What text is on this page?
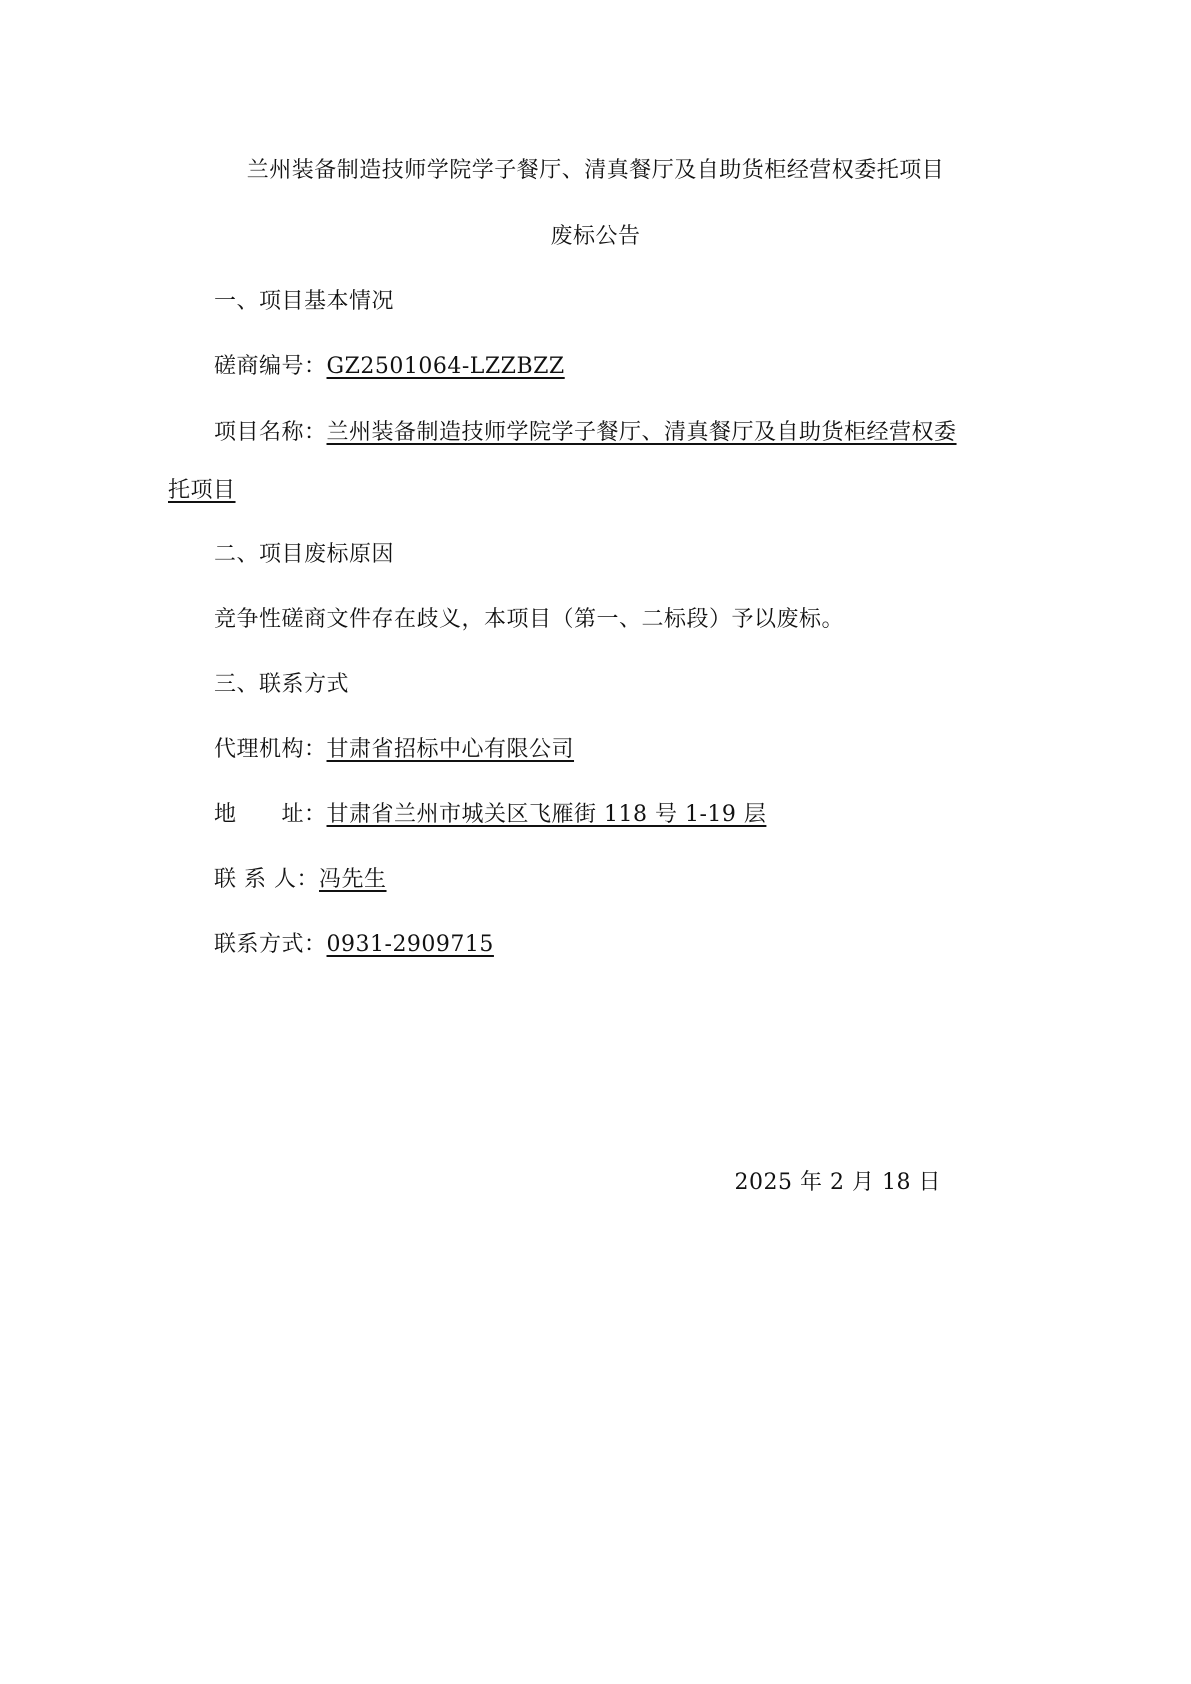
兰州装备制造技师学院学子餐厅、清真餐厅及自助货柜经营权委托项目
废标公告
一、项目基本情况
磋商编号：GZ2501064-LZZBZZ
项目名称：兰州装备制造技师学院学子餐厅、清真餐厅及自助货柜经营权委
托项目
二、项目废标原因
竞争性磋商文件存在歧义，本项目（第一、二标段）予以废标。
三、联系方式
代理机构：甘肃省招标中心有限公司
地　　址：甘肃省兰州市城关区飞雁街 118 号 1-19 层
联 系 人：冯先生
联系方式：0931-2909715
2025 年 2 月 18 日
